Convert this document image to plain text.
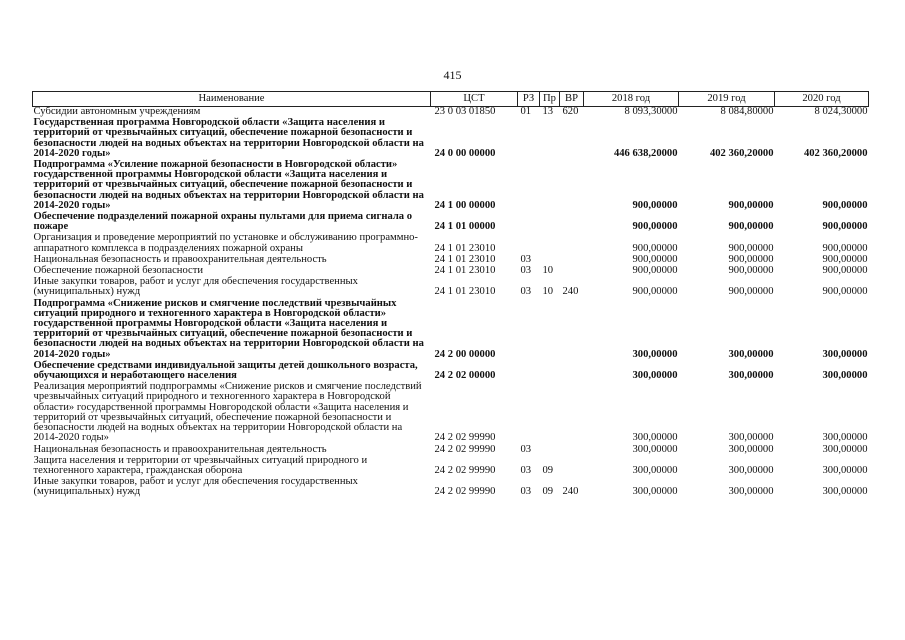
415
Наименование	ЦСТ	РЗ	Пр	ВР	2018 год	2019 год	2020 год
Субсидии автономным учреждениям	23 0 03 01850	01	13	620	8 093,30000	8 084,80000	8 024,30000
Государственная программа Новгородской области «Защита населения и территорий от чрезвычайных ситуаций, обеспечение пожарной безопасности и безопасности людей на водных объектах на территории Новгородской области на 2014-2020 годы»	24 0 00 00000				446 638,20000	402 360,20000	402 360,20000
Подпрограмма «Усиление пожарной безопасности в Новгородской области» государственной программы Новгородской области «Защита населения и территорий от чрезвычайных ситуаций, обеспечение пожарной безопасности и безопасности людей на водных объектах на территории Новгородской области на 2014-2020 годы»	24 1 00 00000				900,00000	900,00000	900,00000
Обеспечение подразделений пожарной охраны пультами для приема сигнала о пожаре	24 1 01 00000				900,00000	900,00000	900,00000
Организация и проведение мероприятий по установке и обслуживанию программно-аппаратного комплекса в подразделениях пожарной охраны	24 1 01 23010				900,00000	900,00000	900,00000
Национальная безопасность и правоохранительная деятельность	24 1 01 23010	03			900,00000	900,00000	900,00000
Обеспечение пожарной безопасности	24 1 01 23010	03	10		900,00000	900,00000	900,00000
Иные закупки товаров, работ и услуг для обеспечения государственных (муниципальных) нужд	24 1 01 23010	03	10	240	900,00000	900,00000	900,00000
Подпрограмма «Снижение рисков и смягчение последствий чрезвычайных ситуаций природного и техногенного характера в Новгородской области» государственной программы Новгородской области «Защита населения и территорий от чрезвычайных ситуаций, обеспечение пожарной безопасности и безопасности людей на водных объектах на территории Новгородской области на 2014-2020 годы»	24 2 00 00000				300,00000	300,00000	300,00000
Обеспечение средствами индивидуальной защиты детей дошкольного возраста, обучающихся и неработающего населения	24 2 02 00000				300,00000	300,00000	300,00000
Реализация мероприятий подпрограммы «Снижение рисков и смягчение последствий чрезвычайных ситуаций природного и техногенного характера в Новгородской области» государственной программы Новгородской области «Защита населения и территорий от чрезвычайных ситуаций, обеспечение пожарной безопасности и безопасности людей на водных объектах на территории Новгородской области на 2014-2020 годы»	24 2 02 99990				300,00000	300,00000	300,00000
Национальная безопасность и правоохранительная деятельность	24 2 02 99990	03			300,00000	300,00000	300,00000
Защита населения и территории от чрезвычайных ситуаций природного и техногенного характера, гражданская оборона	24 2 02 99990	03	09		300,00000	300,00000	300,00000
Иные закупки товаров, работ и услуг для обеспечения государственных (муниципальных) нужд	24 2 02 99990	03	09	240	300,00000	300,00000	300,00000
